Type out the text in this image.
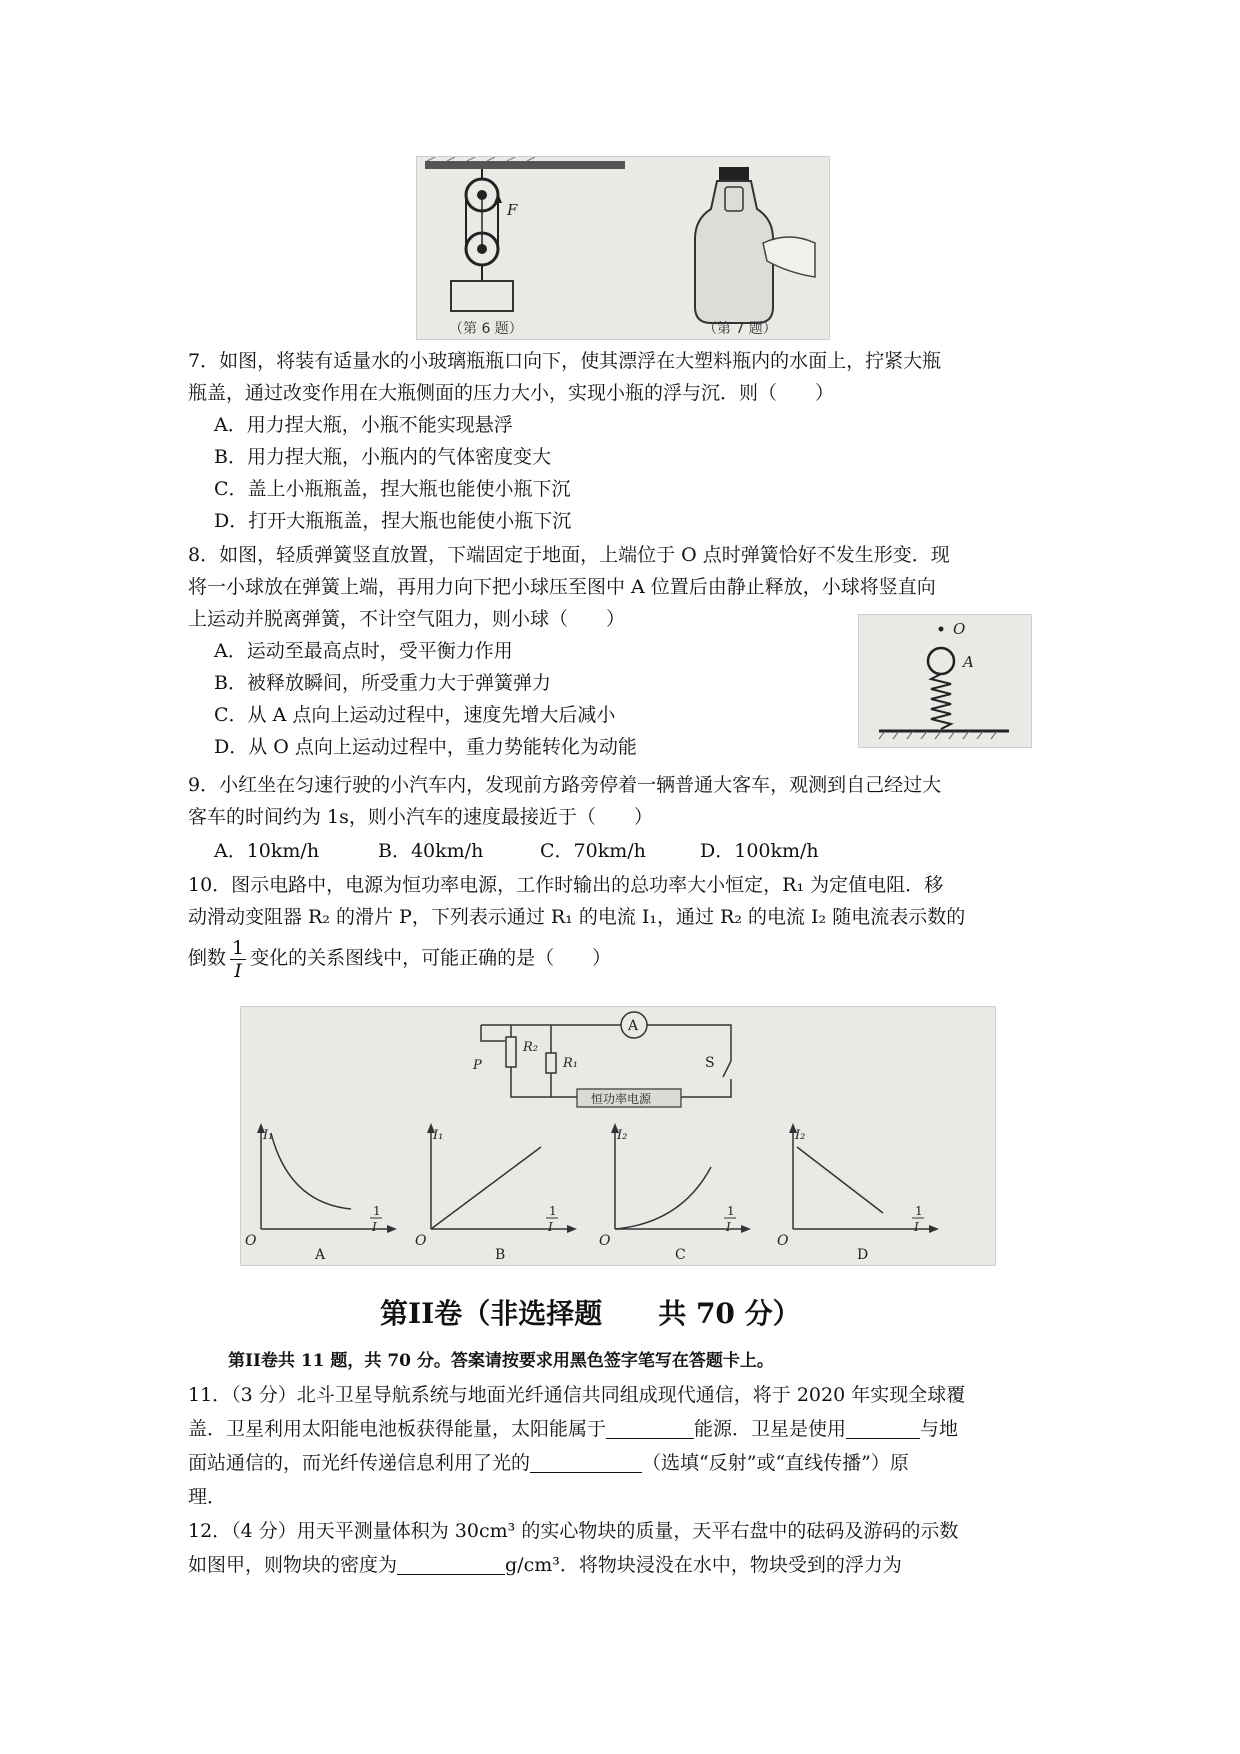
F
（第 6 题）	（第 7 题）
7．如图，将装有适量水的小玻璃瓶瓶口向下，使其漂浮在大塑料瓶内的水面上，拧紧大瓶
瓶盖，通过改变作用在大瓶侧面的压力大小，实现小瓶的浮与沉．则（　　）
A．用力捏大瓶，小瓶不能实现悬浮
B．用力捏大瓶，小瓶内的气体密度变大
C．盖上小瓶瓶盖，捏大瓶也能使小瓶下沉
D．打开大瓶瓶盖，捏大瓶也能使小瓶下沉
8．如图，轻质弹簧竖直放置，下端固定于地面，上端位于 O 点时弹簧恰好不发生形变．现
将一小球放在弹簧上端，再用力向下把小球压至图中 A 位置后由静止释放，小球将竖直向
上运动并脱离弹簧，不计空气阻力，则小球（　　）
A．运动至最高点时，受平衡力作用
B．被释放瞬间，所受重力大于弹簧弹力
C．从 A 点向上运动过程中，速度先增大后减小
D．从 O 点向上运动过程中，重力势能转化为动能
O
A
9．小红坐在匀速行驶的小汽车内，发现前方路旁停着一辆普通大客车，观测到自己经过大
客车的时间约为 1s，则小汽车的速度最接近于（　　）
A．10km/h	B．40km/h	C．70km/h	D．100km/h
10．图示电路中，电源为恒功率电源，工作时输出的总功率大小恒定，R₁ 为定值电阻．移
动滑动变阻器 R₂ 的滑片 P，下列表示通过 R₁ 的电流 I₁，通过 R₂ 的电流 I₂ 随电流表示数的
倒数 $\frac{1}{I}$ 变化的关系图线中，可能正确的是（　　）
A
R₂
P	R₁	S
恒功率电源
I₁
O
1
I
A
I₁
O
1
I
B
I₂
O
1
I
C
I₂
O
1
I
D
第II卷（非选择题　　共 70 分）
第II卷共 11 题，共 70 分。答案请按要求用黑色签字笔写在答题卡上。
11．（3 分）北斗卫星导航系统与地面光纤通信共同组成现代通信，将于 2020 年实现全球覆
盖．卫星利用太阳能电池板获得能量，太阳能属于	能源．卫星是使用	与地
面站通信的，而光纤传递信息利用了光的	（选填“反射”或“直线传播”）原
理．
12．（4 分）用天平测量体积为 30cm³ 的实心物块的质量，天平右盘中的砝码及游码的示数
如图甲，则物块的密度为	g/cm³．将物块浸没在水中，物块受到的浮力为
